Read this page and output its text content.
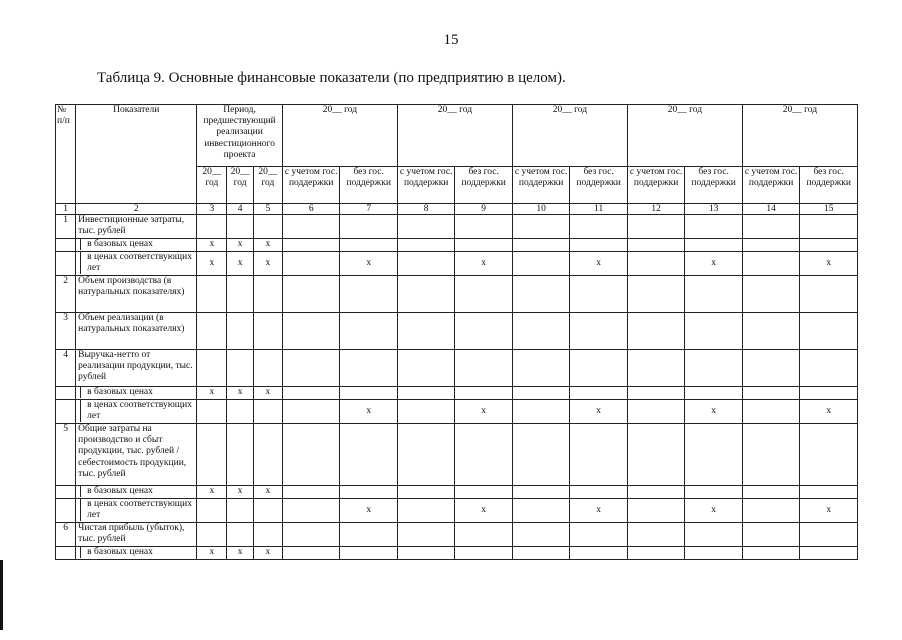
15
Таблица 9. Основные финансовые показатели (по предприятию в целом).
№ п/п	Показатели	Период, предшествующий реализации инвестиционного проекта			20__ год		20__ год		20__ год		20__ год		20__ год	
		20__ год	20__ год	20__ год	с учетом гос. поддержки	без гос. поддержки	с учетом гос. поддержки	без гос. поддержки	с учетом гос. поддержки	без гос. поддержки	с учетом гос. поддержки	без гос. поддержки	с учетом гос. поддержки	без гос. поддержки
1	2	3	4	5	6	7	8	9	10	11	12	13	14	15
1	Инвестиционные затраты, тыс. рублей													

	в базовых ценах	x	x	x										

	в ценах соответствующих лет	x	x	x		x		x		x		x		x
2	Объем производства (в натуральных показателях)													
3	Объем реализации (в натуральных показателях)													
4	Выручка-нетто от реализации продукции, тыс. рублей													

	в базовых ценах	x	x	x										

	в ценах соответствующих лет					x		x		x		x		x
5	Общие затраты на производство и сбыт продукции, тыс. рублей / себестоимость продукции, тыс. рублей													

	в базовых ценах	x	x	x										

	в ценах соответствующих лет					x		x		x		x		x
6	Чистая прибыль (убыток), тыс. рублей													

	в базовых ценах	x	x	x										
